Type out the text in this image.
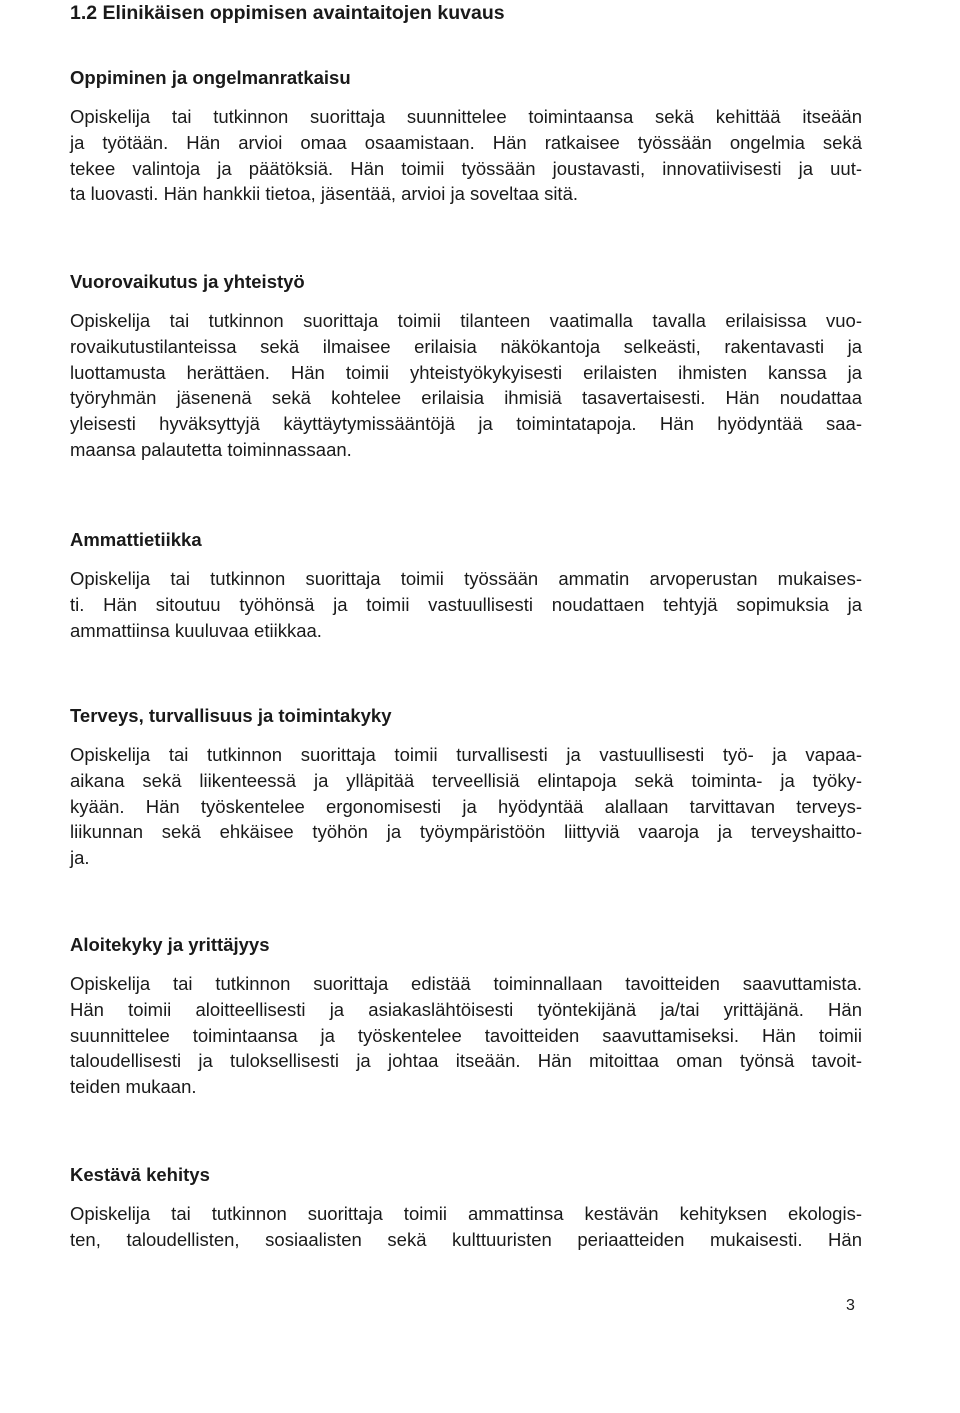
1.2 Elinikäisen oppimisen avaintaitojen kuvaus
Oppiminen ja ongelmanratkaisu
Opiskelija tai tutkinnon suorittaja suunnittelee toimintaansa sekä kehittää itseään
ja työtään. Hän arvioi omaa osaamistaan. Hän ratkaisee työssään ongelmia sekä
tekee valintoja ja päätöksiä. Hän toimii työssään joustavasti, innovatiivisesti ja uut-
ta luovasti. Hän hankkii tietoa, jäsentää, arvioi ja soveltaa sitä.
Vuorovaikutus ja yhteistyö
Opiskelija tai tutkinnon suorittaja toimii tilanteen vaatimalla tavalla erilaisissa vuo-
rovaikutustilanteissa sekä ilmaisee erilaisia näkökantoja selkeästi, rakentavasti ja
luottamusta herättäen. Hän toimii yhteistyökykyisesti erilaisten ihmisten kanssa ja
työryhmän jäsenenä sekä kohtelee erilaisia ihmisiä tasavertaisesti. Hän noudattaa
yleisesti hyväksyttyjä käyttäytymissääntöjä ja toimintatapoja. Hän hyödyntää saa-
maansa palautetta toiminnassaan.
Ammattietiikka
Opiskelija tai tutkinnon suorittaja toimii työssään ammatin arvoperustan mukaises-
ti. Hän sitoutuu työhönsä ja toimii vastuullisesti noudattaen tehtyjä sopimuksia ja
ammattiinsa kuuluvaa etiikkaa.
Terveys, turvallisuus ja toimintakyky
Opiskelija tai tutkinnon suorittaja toimii turvallisesti ja vastuullisesti työ- ja vapaa-
aikana sekä liikenteessä ja ylläpitää terveellisiä elintapoja sekä toiminta- ja työky-
kyään. Hän työskentelee ergonomisesti ja hyödyntää alallaan tarvittavan terveys-
liikunnan sekä ehkäisee työhön ja työympäristöön liittyviä vaaroja ja terveyshaitto-
ja.
Aloitekyky ja yrittäjyys
Opiskelija tai tutkinnon suorittaja edistää toiminnallaan tavoitteiden saavuttamista.
Hän toimii aloitteellisesti ja asiakaslähtöisesti työntekijänä ja/tai yrittäjänä. Hän
suunnittelee toimintaansa ja työskentelee tavoitteiden saavuttamiseksi. Hän toimii
taloudellisesti ja tuloksellisesti ja johtaa itseään. Hän mitoittaa oman työnsä tavoit-
teiden mukaan.
Kestävä kehitys
Opiskelija tai tutkinnon suorittaja toimii ammattinsa kestävän kehityksen ekologis-
ten, taloudellisten, sosiaalisten sekä kulttuuristen periaatteiden mukaisesti. Hän
3
